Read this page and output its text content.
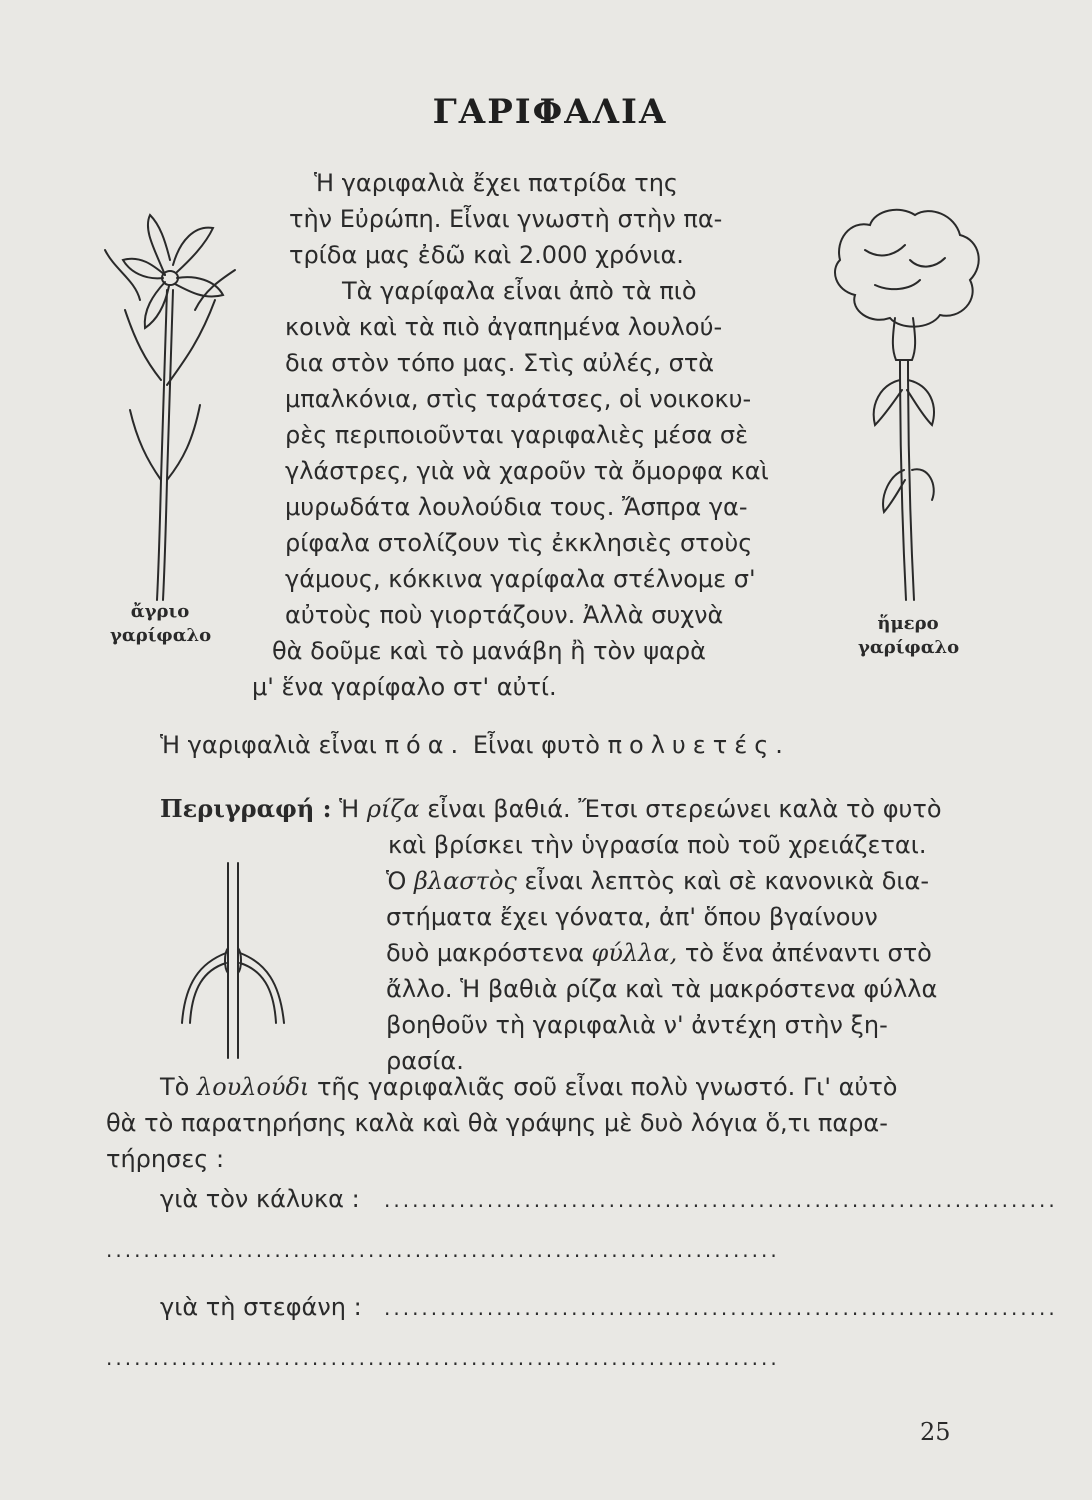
ΓΑΡΙΦΑΛΙΑ
ἄγριο
γαρίφαλο
ἥμερο
γαρίφαλο
Ἡ γαριφαλιὰ ἔχει πατρίδα της
τὴν Εὐρώπη. Εἶναι γνωστὴ στὴν πα-
τρίδα μας ἐδῶ καὶ 2.000 χρόνια.
Τὰ γαρίφαλα εἶναι ἀπὸ τὰ πιὸ
κοινὰ καὶ τὰ πιὸ ἀγαπημένα λουλού-
δια στὸν τόπο μας. Στὶς αὐλές, στὰ
μπαλκόνια, στὶς ταράτσες, οἱ νοικοκυ-
ρὲς περιποιοῦνται γαριφαλιὲς μέσα σὲ
γλάστρες, γιὰ νὰ χαροῦν τὰ ὄμορφα καὶ
μυρωδάτα λουλούδια τους. Ἄσπρα γα-
ρίφαλα στολίζουν τὶς ἐκκλησιὲς στοὺς
γάμους, κόκκινα γαρίφαλα στέλνομε σ'
αὐτοὺς ποὺ γιορτάζουν. Ἀλλὰ συχνὰ
θὰ δοῦμε καὶ τὸ μανάβη ἢ τὸν ψαρὰ
μ' ἕνα γαρίφαλο στ' αὐτί.
Ἡ γαριφαλιὰ εἶναι πόα. Εἶναι φυτὸ πολυετές.
Περιγραφή : Ἡ ρίζα εἶναι βαθιά. Ἔτσι στερεώνει καλὰ τὸ φυτὸ
καὶ βρίσκει τὴν ὑγρασία ποὺ τοῦ χρειάζεται.
Ὁ βλαστὸς εἶναι λεπτὸς καὶ σὲ κανονικὰ δια-
στήματα ἔχει γόνατα, ἀπ' ὅπου βγαίνουν
δυὸ μακρόστενα φύλλα, τὸ ἕνα ἀπέναντι στὸ
ἄλλο. Ἡ βαθιὰ ρίζα καὶ τὰ μακρόστενα φύλλα
βοηθοῦν τὴ γαριφαλιὰ ν' ἀντέχη στὴν ξη-
ρασία.
Τὸ λουλούδι τῆς γαριφαλιᾶς σοῦ εἶναι πολὺ γνωστό. Γι' αὐτὸ
θὰ τὸ παρατηρήσης καλὰ καὶ θὰ γράψης μὲ δυὸ λόγια ὅ,τι παρα-
τήρησες :
γιὰ τὸν κάλυκα : ........................................................................
........................................................................
γιὰ τὴ στεφάνη : ........................................................................
........................................................................
25
